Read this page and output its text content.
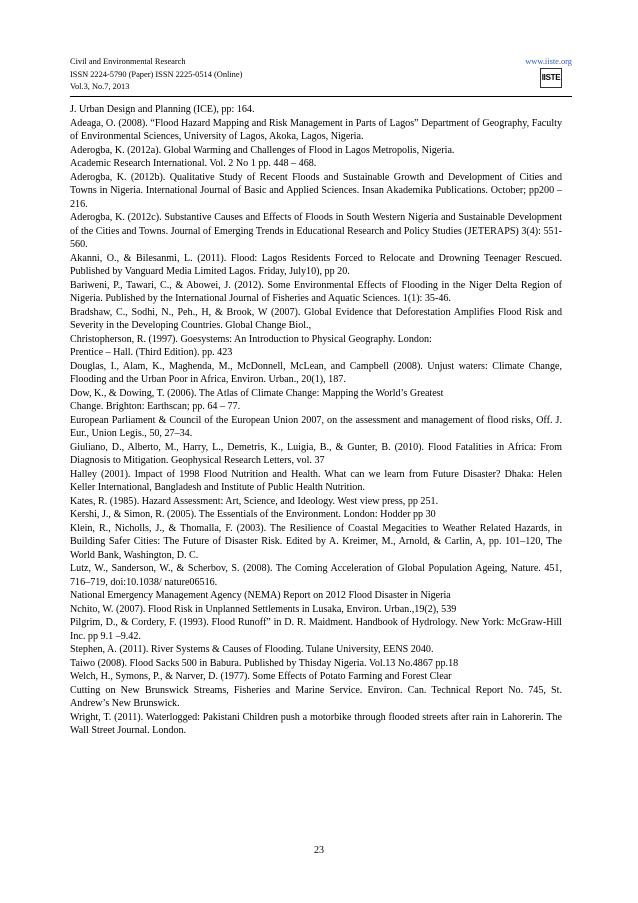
Civil and Environmental Research
ISSN 2224-5790 (Paper) ISSN 2225-0514 (Online)
Vol.3, No.7, 2013
www.iiste.org
IISTE

J. Urban Design and Planning (ICE), pp: 164.

Adeaga, O. (2008). “Flood Hazard Mapping and Risk Management in Parts of Lagos” Department of Geography, Faculty of Environmental Sciences, University of Lagos, Akoka, Lagos, Nigeria.

Aderogba, K. (2012a). Global Warming and Challenges of Flood in Lagos Metropolis, Nigeria.

Academic Research International. Vol. 2 No 1 pp. 448 – 468.

Aderogba, K. (2012b). Qualitative Study of Recent Floods and Sustainable Growth and Development of Cities and Towns in Nigeria. International Journal of Basic and Applied Sciences. Insan Akademika Publications. October; pp200 – 216.

Aderogba, K. (2012c). Substantive Causes and Effects of Floods in South Western Nigeria and Sustainable Development of the Cities and Towns. Journal of Emerging Trends in Educational Research and Policy Studies (JETERAPS) 3(4): 551-560.

Akanni, O., & Bilesanmi, L. (2011). Flood: Lagos Residents Forced to Relocate and Drowning Teenager Rescued. Published by Vanguard Media Limited Lagos. Friday, July10), pp 20.

Bariweni, P., Tawari, C., & Abowei, J. (2012). Some Environmental Effects of Flooding in the Niger Delta Region of Nigeria. Published by the International Journal of Fisheries and Aquatic Sciences. 1(1): 35-46.

Bradshaw, C., Sodhi, N., Peh., H, & Brook, W (2007). Global Evidence that Deforestation Amplifies Flood Risk and Severity in the Developing Countries. Global Change Biol.,

Christopherson, R. (1997). Goesystems: An Introduction to Physical Geography. London:

Prentice – Hall. (Third Edition). pp. 423

Douglas, I., Alam, K., Maghenda, M., McDonnell, McLean, and Campbell (2008). Unjust waters: Climate Change, Flooding and the Urban Poor in Africa, Environ. Urban., 20(1), 187.

Dow, K., & Dowing, T. (2006). The Atlas of Climate Change: Mapping the World’s Greatest

Change. Brighton: Earthscan; pp. 64 – 77.

European Parliament & Council of the European Union 2007, on the assessment and management of flood risks, Off. J. Eur., Union Legis., 50, 27–34.

Giuliano, D., Alberto, M., Harry, L., Demetris, K., Luigia, B., & Gunter, B. (2010). Flood Fatalities in Africa: From Diagnosis to Mitigation. Geophysical Research Letters, vol. 37

Halley (2001). Impact of 1998 Flood Nutrition and Health. What can we learn from Future Disaster? Dhaka: Helen Keller International, Bangladesh and Institute of Public Health Nutrition.

Kates, R. (1985). Hazard Assessment: Art, Science, and Ideology. West view press, pp 251.

Kershi, J., & Simon, R. (2005). The Essentials of the Environment. London: Hodder pp 30

Klein, R., Nicholls, J., & Thomalla, F. (2003). The Resilience of Coastal Megacities to Weather Related Hazards, in Building Safer Cities: The Future of Disaster Risk. Edited by A. Kreimer, M., Arnold, & Carlin, A, pp. 101–120, The World Bank, Washington, D. C.

Lutz, W., Sanderson, W., & Scherbov, S. (2008). The Coming Acceleration of Global Population Ageing, Nature. 451, 716–719, doi:10.1038/ nature06516.

National Emergency Management Agency (NEMA) Report on 2012 Flood Disaster in Nigeria

Nchito, W. (2007). Flood Risk in Unplanned Settlements in Lusaka, Environ. Urban.,19(2), 539

Pilgrim, D., & Cordery, F. (1993). Flood Runoff” in D. R. Maidment. Handbook of Hydrology. New York: McGraw-Hill Inc. pp 9.1 –9.42.

Stephen, A. (2011). River Systems & Causes of Flooding. Tulane University, EENS 2040.

Taiwo (2008). Flood Sacks 500 in Babura. Published by Thisday Nigeria. Vol.13 No.4867 pp.18

Welch, H., Symons, P., & Narver, D. (1977). Some Effects of Potato Farming and Forest Clear

Cutting on New Brunswick Streams, Fisheries and Marine Service. Environ. Can. Technical Report No. 745, St. Andrew’s New Brunswick.

Wright, T. (2011). Waterlogged: Pakistani Children push a motorbike through flooded streets after rain in Lahorerin. The Wall Street Journal. London.

23
